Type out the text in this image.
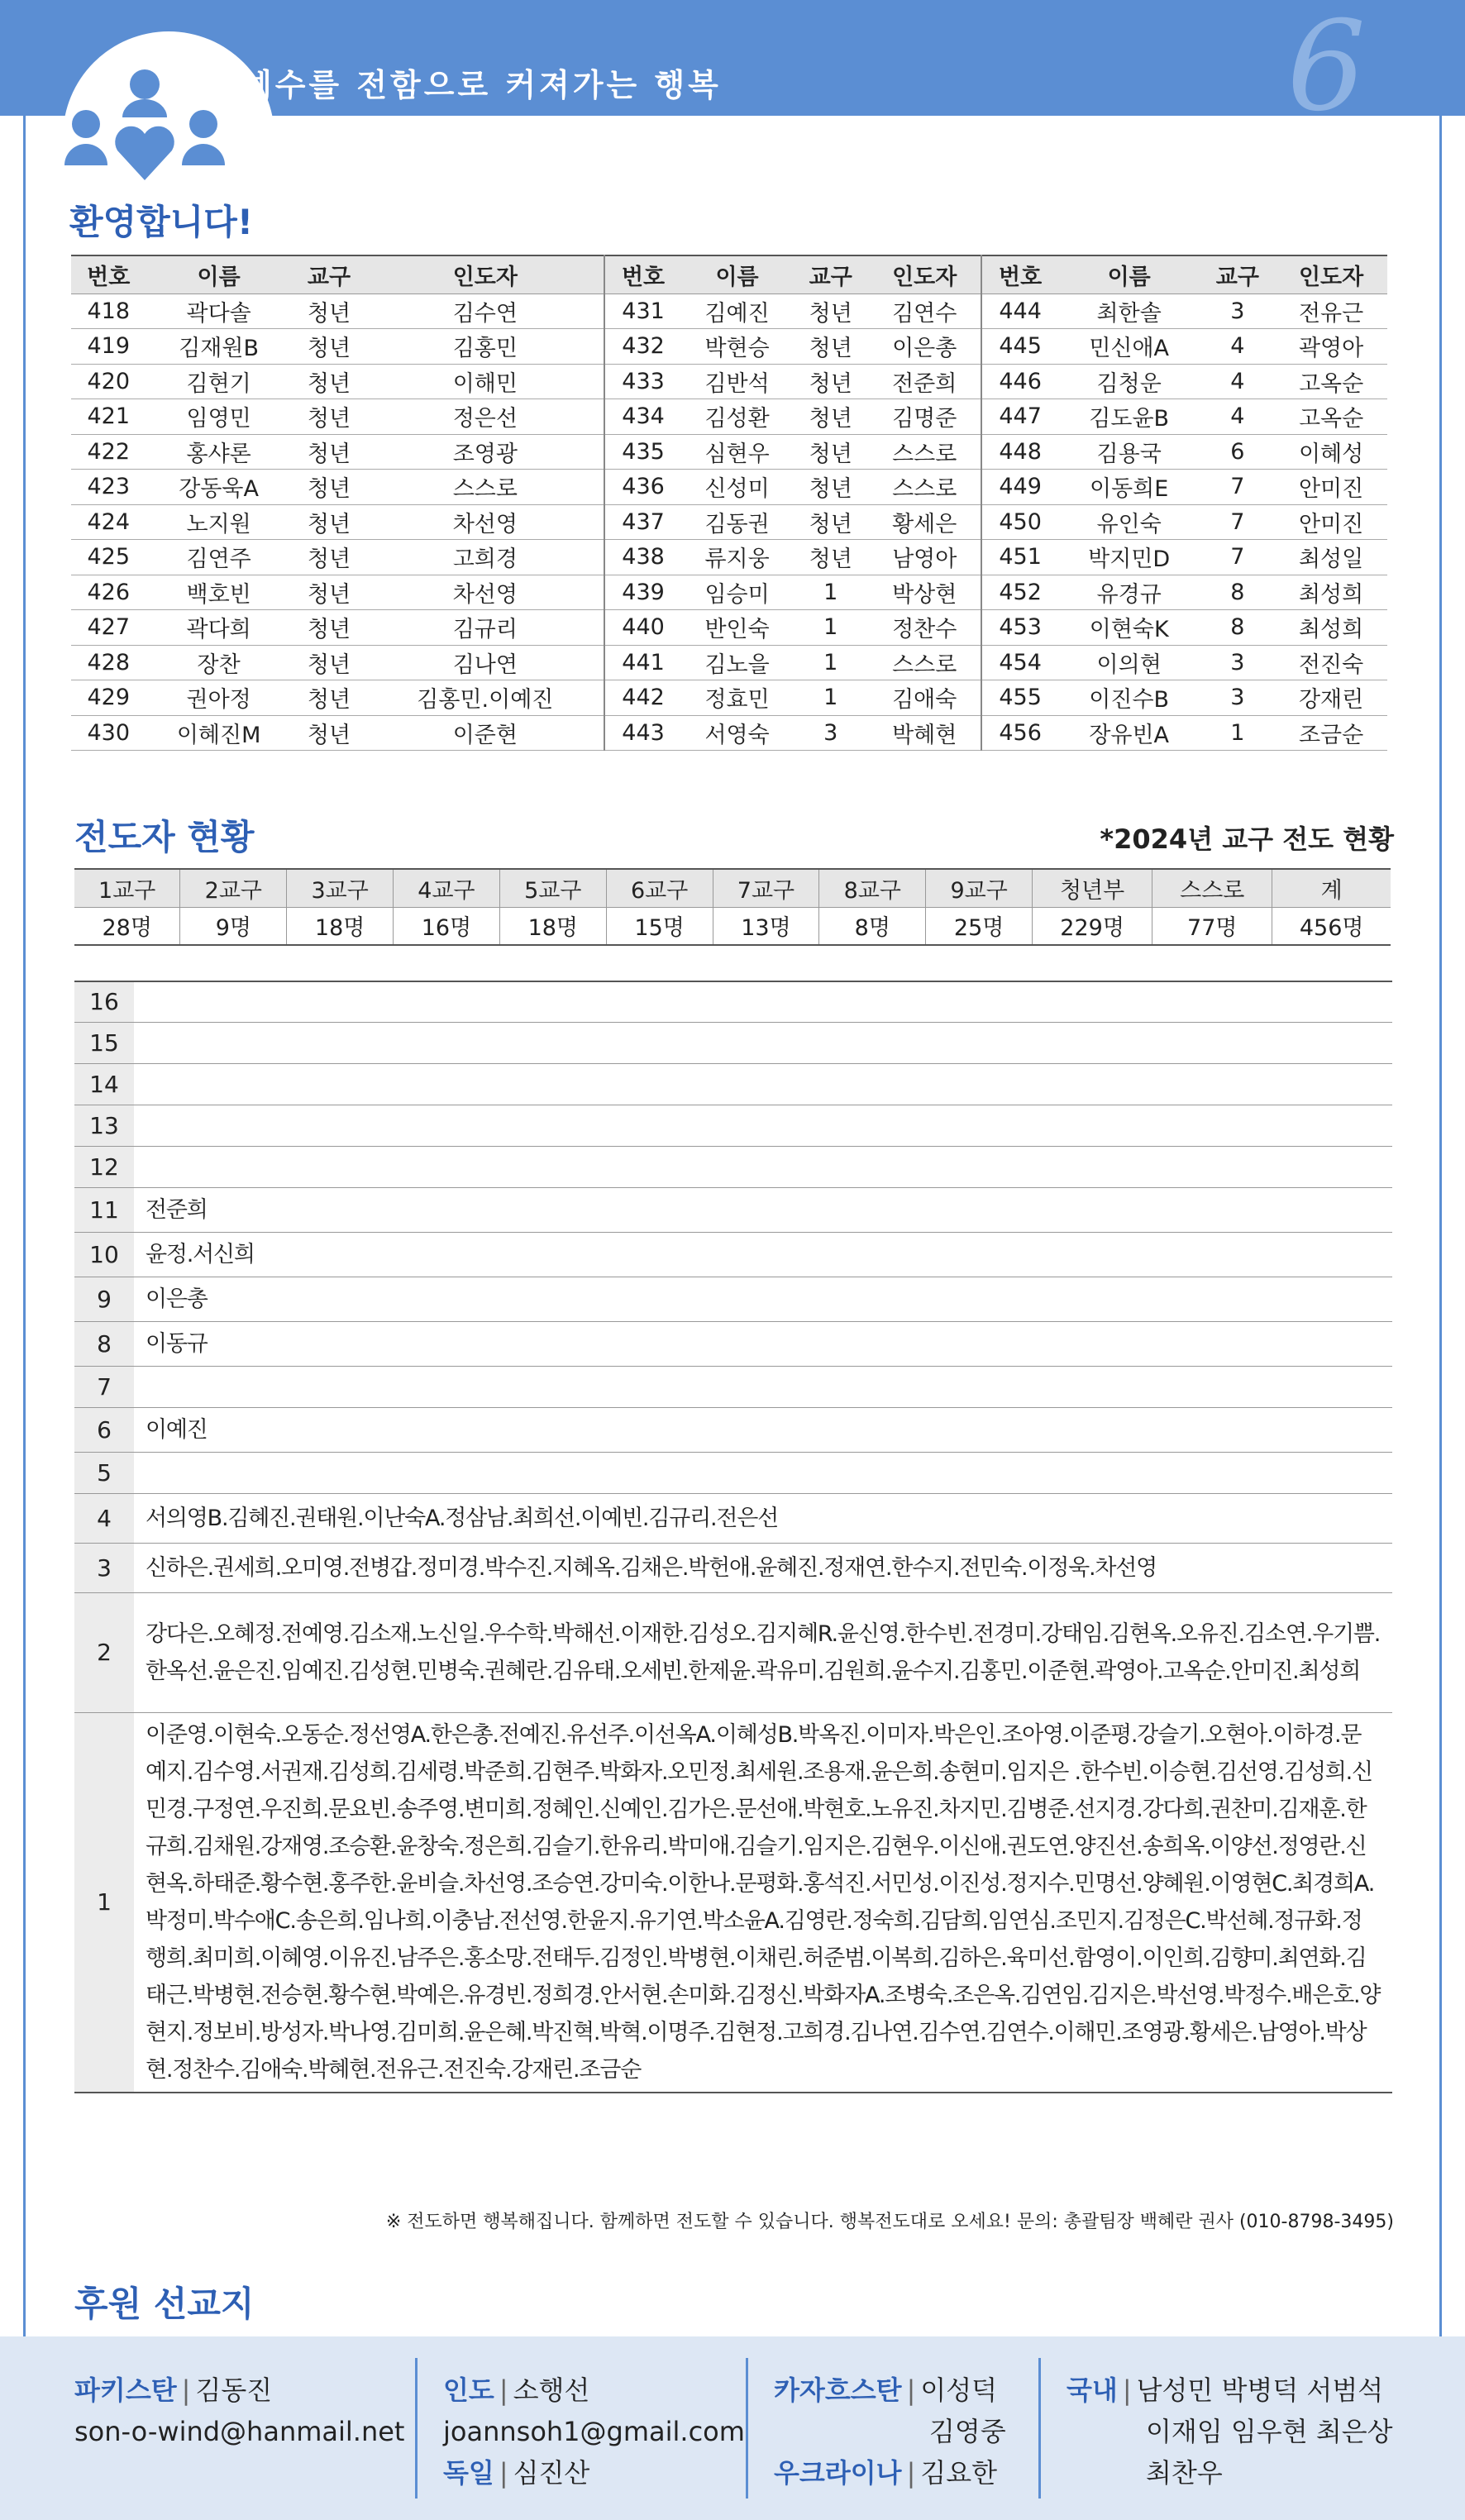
예수를 전함으로 커져가는 행복	6
환영합니다!
번호	이름	교구	인도자	번호	이름	교구	인도자	번호	이름	교구	인도자
418	곽다솔	청년	김수연	431	김예진	청년	김연수	444	최한솔	3	전유근
419	김재원B	청년	김홍민	432	박현승	청년	이은총	445	민신애A	4	곽영아
420	김현기	청년	이해민	433	김반석	청년	전준희	446	김청운	4	고옥순
421	임영민	청년	정은선	434	김성환	청년	김명준	447	김도윤B	4	고옥순
422	홍샤론	청년	조영광	435	심현우	청년	스스로	448	김용국	6	이혜성
423	강동욱A	청년	스스로	436	신성미	청년	스스로	449	이동희E	7	안미진
424	노지원	청년	차선영	437	김동권	청년	황세은	450	유인숙	7	안미진
425	김연주	청년	고희경	438	류지웅	청년	남영아	451	박지민D	7	최성일
426	백호빈	청년	차선영	439	임승미	1	박상현	452	유경규	8	최성희
427	곽다희	청년	김규리	440	반인숙	1	정찬수	453	이현숙K	8	최성희
428	장찬	청년	김나연	441	김노을	1	스스로	454	이의현	3	전진숙
429	권아정	청년	김홍민.이예진	442	정효민	1	김애숙	455	이진수B	3	강재린
430	이혜진M	청년	이준현	443	서영숙	3	박혜현	456	장유빈A	1	조금순
전도자 현황	*2024년 교구 전도 현황
1교구	2교구	3교구	4교구	5교구	6교구	7교구	8교구	9교구	청년부	스스로	계
28명	9명	18명	16명	18명	15명	13명	8명	25명	229명	77명	456명
16	
15	
14	
13	
12	
11	전준희
10	윤정.서신희
9	이은총
8	이동규
7	
6	이예진
5	
4	서의영B.김혜진.권태원.이난숙A.정삼남.최희선.이예빈.김규리.전은선
3	신하은.권세희.오미영.전병갑.정미경.박수진.지혜옥.김채은.박헌애.윤혜진.정재연.한수지.전민숙.이정욱.차선영
2	강다은.오혜정.전예영.김소재.노신일.우수학.박해선.이재한.김성오.김지혜R.윤신영.한수빈.전경미.강태임.김현옥.오유진.김소연.우기쁨.한옥선.윤은진.임예진.김성현.민병숙.권혜란.김유태.오세빈.한제윤.곽유미.김원희.윤수지.김홍민.이준현.곽영아.고옥순.안미진.최성희
1	이준영.이현숙.오동순.정선영A.한은총.전예진.유선주.이선옥A.이혜성B.박옥진.이미자.박은인.조아영.이준평.강슬기.오현아.이하경.문예지.김수영.서권재.김성희.김세령.박준희.김현주.박화자.오민정.최세원.조용재.윤은희.송현미.임지은 .한수빈.이승현.김선영.김성희.신민경.구정연.우진희.문요빈.송주영.변미희.정혜인.신예인.김가은.문선애.박현호.노유진.차지민.김병준.선지경.강다희.권찬미.김재훈.한규희.김채원.강재영.조승환.윤창숙.정은희.김슬기.한유리.박미애.김슬기.임지은.김현우.이신애.권도연.양진선.송희옥.이양선.정영란.신현옥.하태준.황수현.홍주한.윤비슬.차선영.조승연.강미숙.이한나.문평화.홍석진.서민성.이진성.정지수.민명선.양혜원.이영현C.최경희A.박정미.박수애C.송은희.임나희.이충남.전선영.한윤지.유기연.박소윤A.김영란.정숙희.김담희.임연심.조민지.김정은C.박선혜.정규화.정행희.최미희.이혜영.이유진.남주은.홍소망.전태두.김정인.박병현.이채린.허준범.이복희.김하은.육미선.함영이.이인희.김향미.최연화.김태근.박병현.전승현.황수현.박예은.유경빈.정희경.안서현.손미화.김정신.박화자A.조병숙.조은옥.김연임.김지은.박선영.박정수.배은호.양현지.정보비.방성자.박나영.김미희.윤은혜.박진혁.박혁.이명주.김현정.고희경.김나연.김수연.김연수.이해민.조영광.황세은.남영아.박상현.정찬수.김애숙.박혜현.전유근.전진숙.강재린.조금순
※ 전도하면 행복해집니다. 함께하면 전도할 수 있습니다. 행복전도대로 오세요! 문의: 총괄팀장 백혜란 권사 (010-8798-3495)
후원 선교지
파키스탄 | 김동진
son-o-wind@hanmail.net
인도 | 소행선
joannsoh1@gmail.com
독일 | 심진산
카자흐스탄 | 이성덕
김영중
우크라이나 | 김요한
국내 | 남성민 박병덕 서범석
이재임 임우현 최은상
최찬우
